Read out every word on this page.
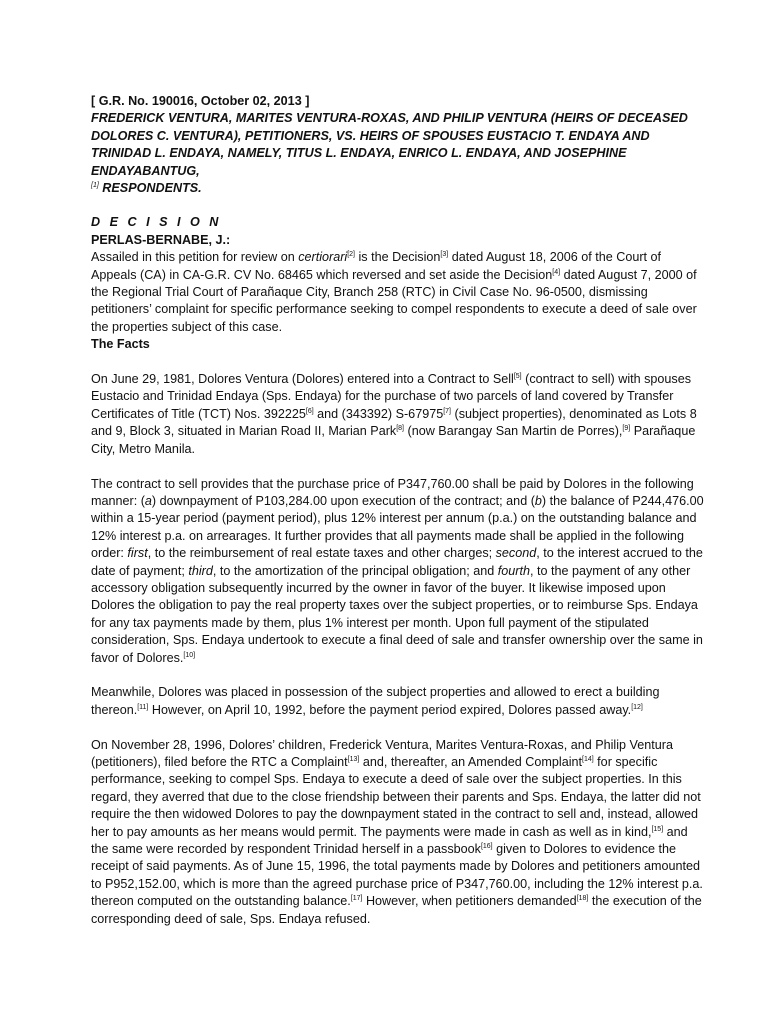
[ G.R. No. 190016, October 02, 2013 ]
FREDERICK VENTURA, MARITES VENTURA-ROXAS, AND PHILIP VENTURA (HEIRS OF DECEASED DOLORES C. VENTURA), PETITIONERS, VS. HEIRS OF SPOUSES EUSTACIO T. ENDAYA AND TRINIDAD L. ENDAYA, NAMELY, TITUS L. ENDAYA, ENRICO L. ENDAYA, AND JOSEPHINE ENDAYABANTUG,
[1] RESPONDENTS.
D E C I S I O N
PERLAS-BERNABE, J.:

Assailed in this petition for review on certiorari[2] is the Decision[3] dated August 18, 2006 of the Court of Appeals (CA) in CA-G.R. CV No. 68465 which reversed and set aside the Decision[4] dated August 7, 2000 of the Regional Trial Court of Parañaque City, Branch 258 (RTC) in Civil Case No. 96-0500, dismissing petitioners’ complaint for specific performance seeking to compel respondents to execute a deed of sale over the properties subject of this case.

The Facts

On June 29, 1981, Dolores Ventura (Dolores) entered into a Contract to Sell[5] (contract to sell) with spouses Eustacio and Trinidad Endaya (Sps. Endaya) for the purchase of two parcels of land covered by Transfer Certificates of Title (TCT) Nos. 392225[6] and (343392) S-67975[7] (subject properties), denominated as Lots 8 and 9, Block 3, situated in Marian Road II, Marian Park[8] (now Barangay San Martin de Porres),[9] Parañaque City, Metro Manila.

The contract to sell provides that the purchase price of P347,760.00 shall be paid by Dolores in the following manner: (a) downpayment of P103,284.00 upon execution of the contract; and (b) the balance of P244,476.00 within a 15-year period (payment period), plus 12% interest per annum (p.a.) on the outstanding balance and 12% interest p.a. on arrearages. It further provides that all payments made shall be applied in the following order: first, to the reimbursement of real estate taxes and other charges; second, to the interest accrued to the date of payment; third, to the amortization of the principal obligation; and fourth, to the payment of any other accessory obligation subsequently incurred by the owner in favor of the buyer. It likewise imposed upon Dolores the obligation to pay the real property taxes over the subject properties, or to reimburse Sps. Endaya for any tax payments made by them, plus 1% interest per month. Upon full payment of the stipulated consideration, Sps. Endaya undertook to execute a final deed of sale and transfer ownership over the same in favor of Dolores.[10]

Meanwhile, Dolores was placed in possession of the subject properties and allowed to erect a building thereon.[11] However, on April 10, 1992, before the payment period expired, Dolores passed away.[12]

On November 28, 1996, Dolores’ children, Frederick Ventura, Marites Ventura-Roxas, and Philip Ventura (petitioners), filed before the RTC a Complaint[13] and, thereafter, an Amended Complaint[14] for specific performance, seeking to compel Sps. Endaya to execute a deed of sale over the subject properties. In this regard, they averred that due to the close friendship between their parents and Sps. Endaya, the latter did not require the then widowed Dolores to pay the downpayment stated in the contract to sell and, instead, allowed her to pay amounts as her means would permit. The payments were made in cash as well as in kind,[15] and the same were recorded by respondent Trinidad herself in a passbook[16] given to Dolores to evidence the receipt of said payments. As of June 15, 1996, the total payments made by Dolores and petitioners amounted to P952,152.00, which is more than the agreed purchase price of P347,760.00, including the 12% interest p.a. thereon computed on the outstanding balance.[17] However, when petitioners demanded[18] the execution of the corresponding deed of sale, Sps. Endaya refused.
